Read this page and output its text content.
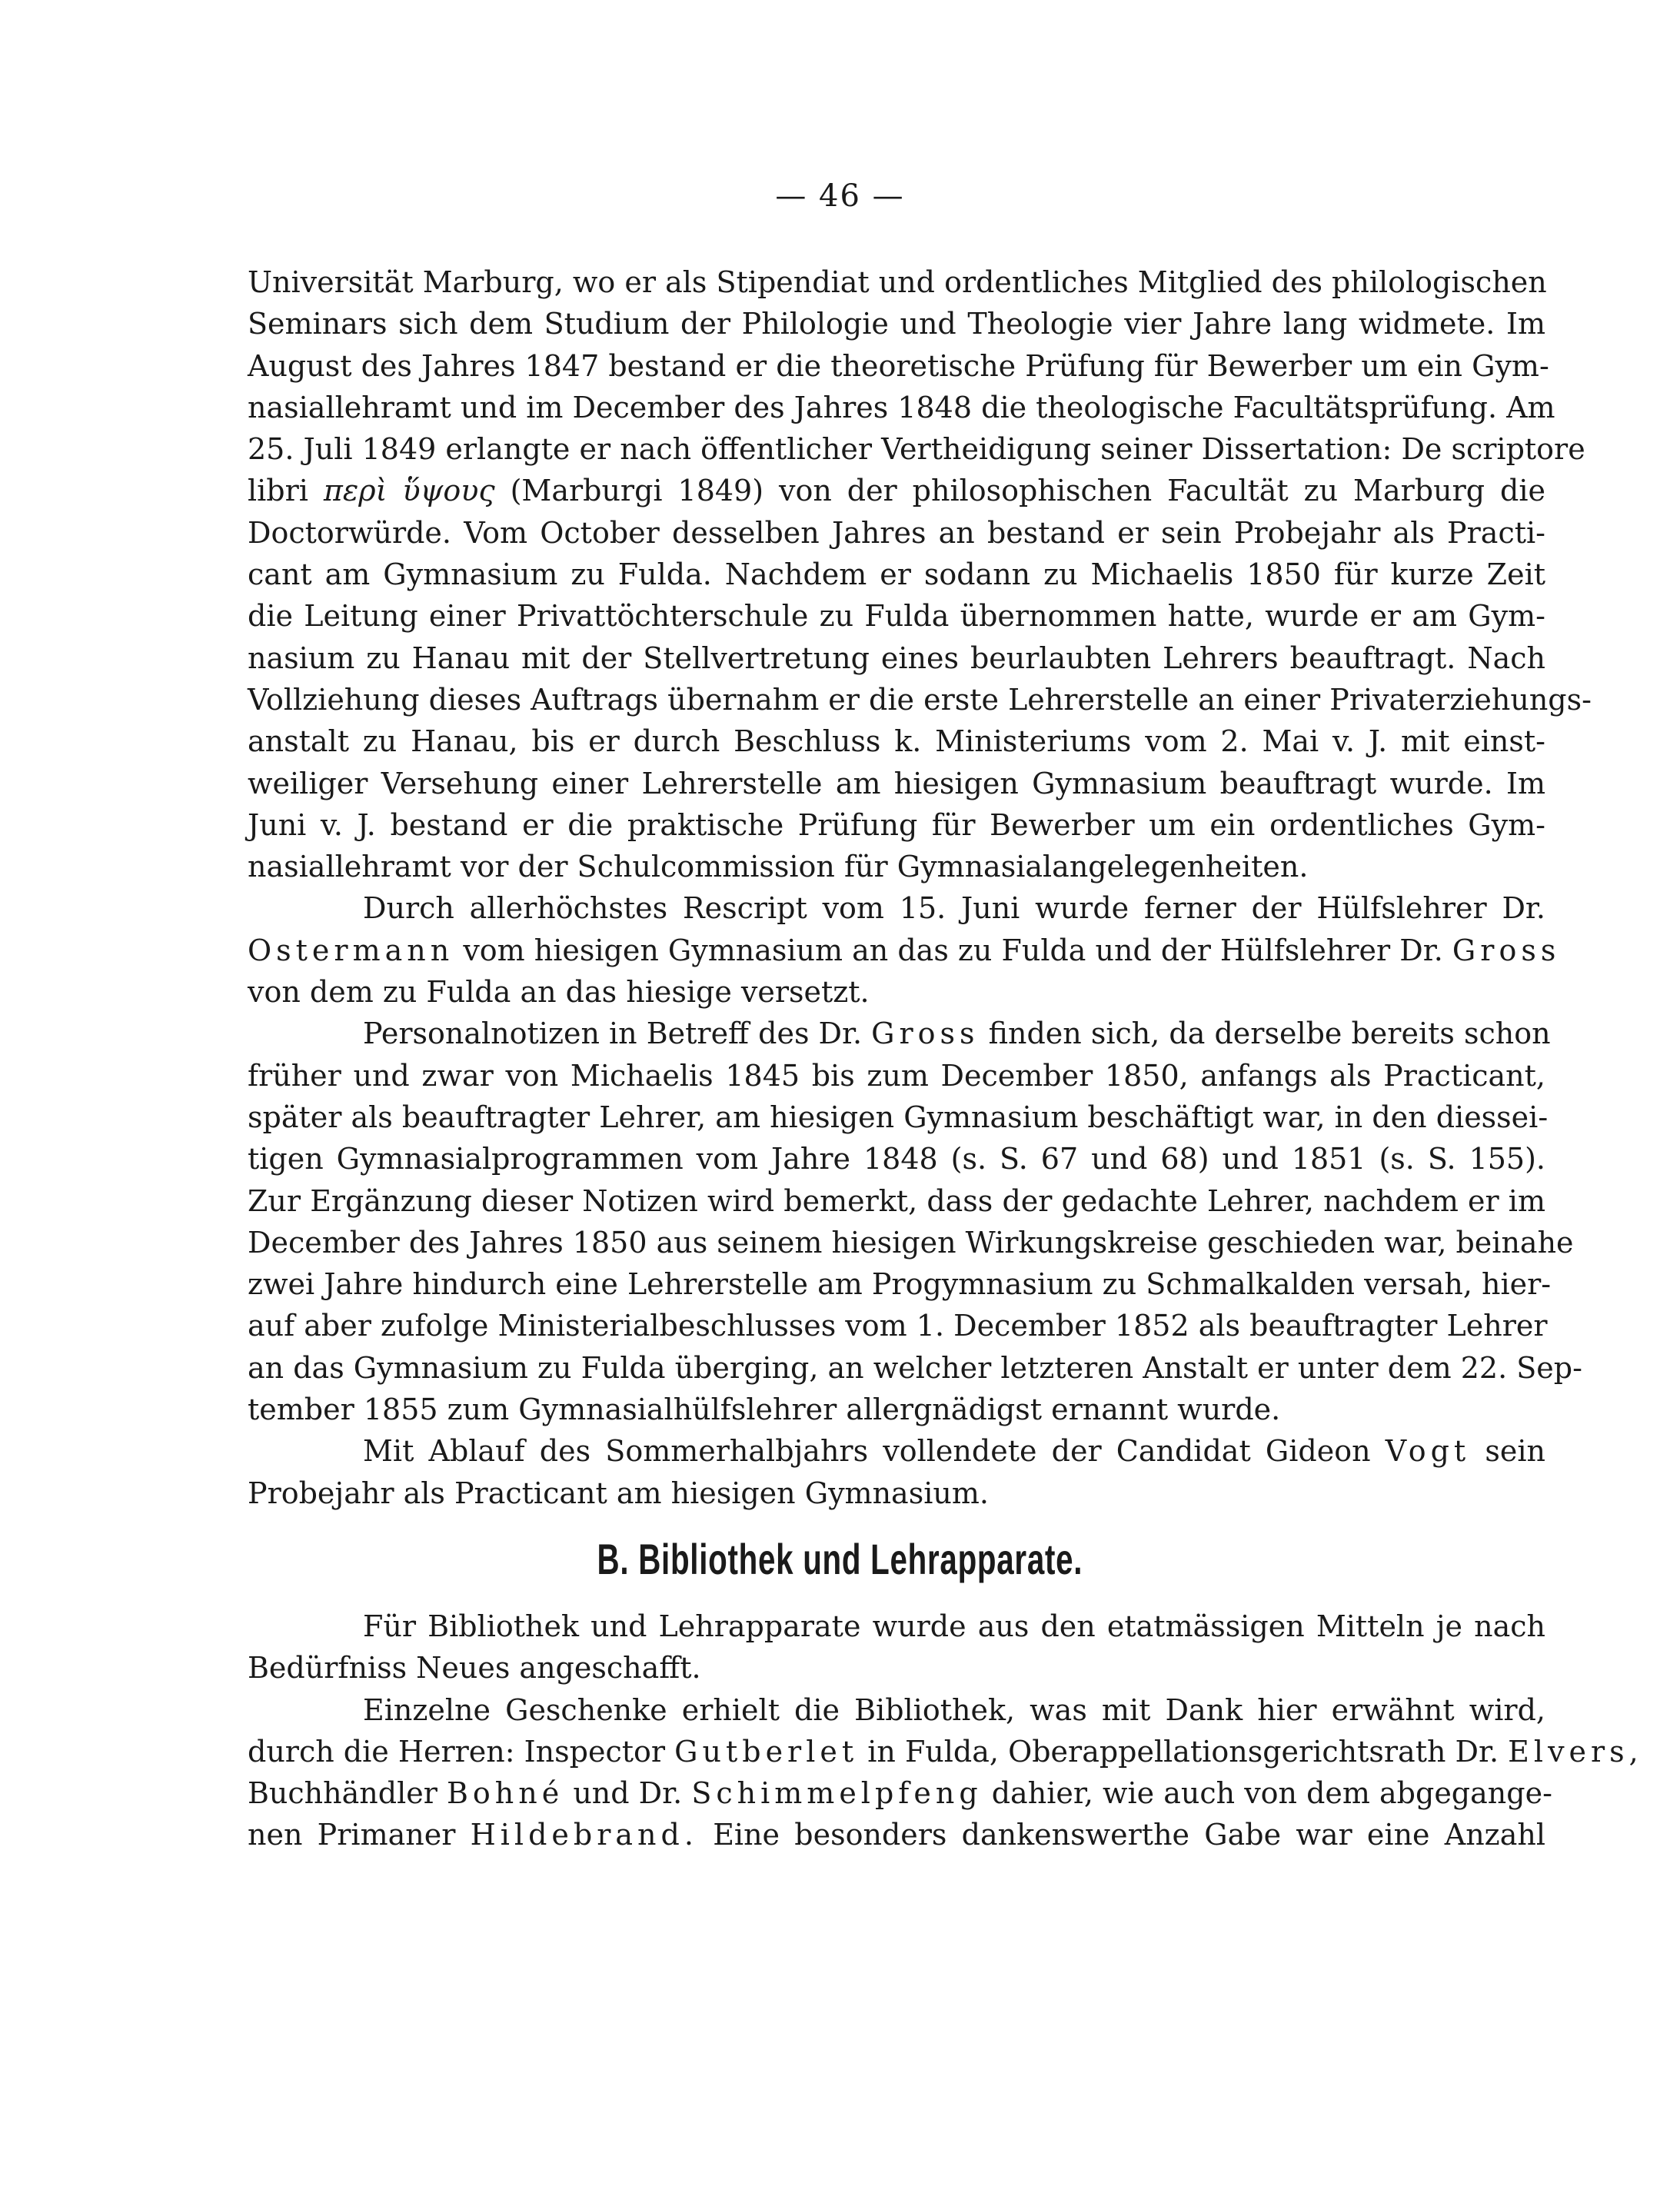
— 46 —
Universität Marburg, wo er als Stipendiat und ordentliches Mitglied des philologischen
Seminars sich dem Studium der Philologie und Theologie vier Jahre lang widmete. Im
August des Jahres 1847 bestand er die theoretische Prüfung für Bewerber um ein Gym-
nasiallehramt und im December des Jahres 1848 die theologische Facultätsprüfung. Am
25. Juli 1849 erlangte er nach öffentlicher Vertheidigung seiner Dissertation: De scriptore
libri περὶ ὕψους (Marburgi 1849) von der philosophischen Facultät zu Marburg die
Doctorwürde. Vom October desselben Jahres an bestand er sein Probejahr als Practi-
cant am Gymnasium zu Fulda. Nachdem er sodann zu Michaelis 1850 für kurze Zeit
die Leitung einer Privattöchterschule zu Fulda übernommen hatte, wurde er am Gym-
nasium zu Hanau mit der Stellvertretung eines beurlaubten Lehrers beauftragt. Nach
Vollziehung dieses Auftrags übernahm er die erste Lehrerstelle an einer Privaterziehungs-
anstalt zu Hanau, bis er durch Beschluss k. Ministeriums vom 2. Mai v. J. mit einst-
weiliger Versehung einer Lehrerstelle am hiesigen Gymnasium beauftragt wurde. Im
Juni v. J. bestand er die praktische Prüfung für Bewerber um ein ordentliches Gym-
nasiallehramt vor der Schulcommission für Gymnasialangelegenheiten.
Durch allerhöchstes Rescript vom 15. Juni wurde ferner der Hülfslehrer Dr.
Ostermann vom hiesigen Gymnasium an das zu Fulda und der Hülfslehrer Dr. Gross
von dem zu Fulda an das hiesige versetzt.
Personalnotizen in Betreff des Dr. Gross finden sich, da derselbe bereits schon
früher und zwar von Michaelis 1845 bis zum December 1850, anfangs als Practicant,
später als beauftragter Lehrer, am hiesigen Gymnasium beschäftigt war, in den diessei-
tigen Gymnasialprogrammen vom Jahre 1848 (s. S. 67 und 68) und 1851 (s. S. 155).
Zur Ergänzung dieser Notizen wird bemerkt, dass der gedachte Lehrer, nachdem er im
December des Jahres 1850 aus seinem hiesigen Wirkungskreise geschieden war, beinahe
zwei Jahre hindurch eine Lehrerstelle am Progymnasium zu Schmalkalden versah, hier-
auf aber zufolge Ministerialbeschlusses vom 1. December 1852 als beauftragter Lehrer
an das Gymnasium zu Fulda überging, an welcher letzteren Anstalt er unter dem 22. Sep-
tember 1855 zum Gymnasialhülfslehrer allergnädigst ernannt wurde.
Mit Ablauf des Sommerhalbjahrs vollendete der Candidat Gideon Vogt sein
Probejahr als Practicant am hiesigen Gymnasium.
B. Bibliothek und Lehrapparate.
Für Bibliothek und Lehrapparate wurde aus den etatmässigen Mitteln je nach
Bedürfniss Neues angeschafft.
Einzelne Geschenke erhielt die Bibliothek, was mit Dank hier erwähnt wird,
durch die Herren: Inspector Gutberlet in Fulda, Oberappellationsgerichtsrath Dr. Elvers,
Buchhändler Bohné und Dr. Schimmelpfeng dahier, wie auch von dem abgegange-
nen Primaner Hildebrand. Eine besonders dankenswerthe Gabe war eine Anzahl
